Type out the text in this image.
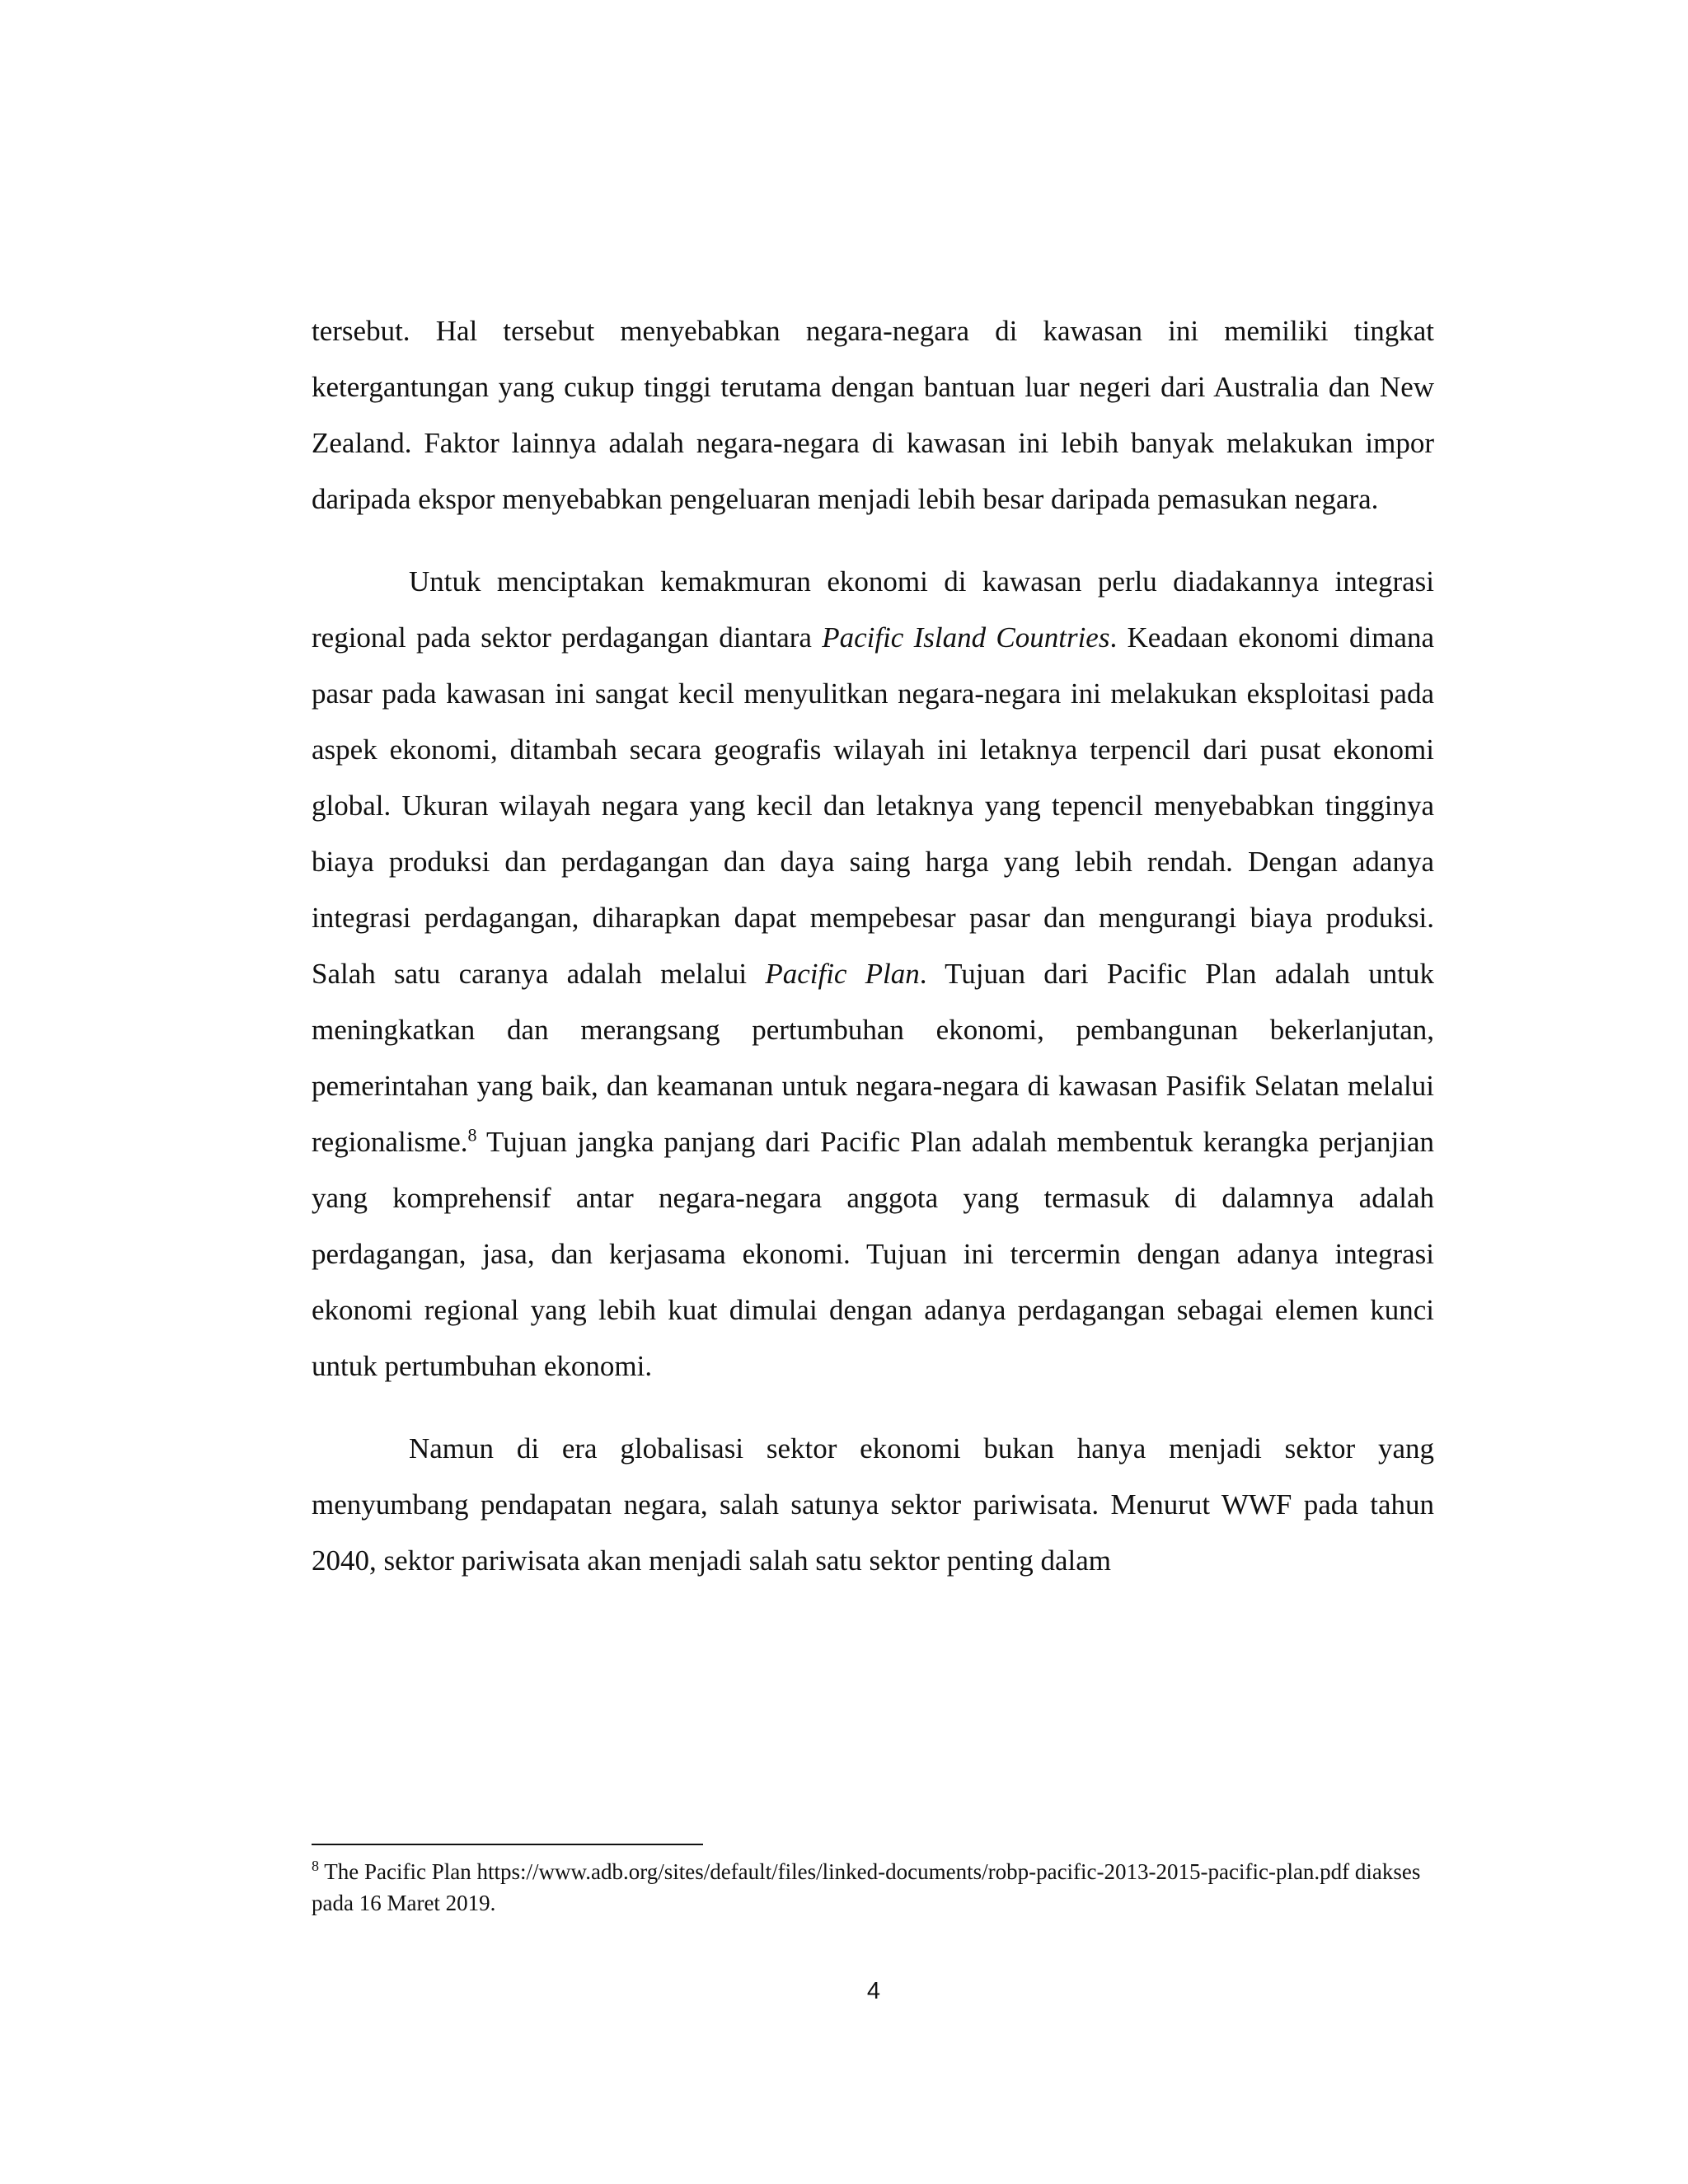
tersebut. Hal tersebut menyebabkan negara-negara di kawasan ini memiliki tingkat ketergantungan yang cukup tinggi terutama dengan bantuan luar negeri dari Australia dan New Zealand. Faktor lainnya adalah negara-negara di kawasan ini lebih banyak melakukan impor daripada ekspor menyebabkan pengeluaran menjadi lebih besar daripada pemasukan negara.

Untuk menciptakan kemakmuran ekonomi di kawasan perlu diadakannya integrasi regional pada sektor perdagangan diantara Pacific Island Countries. Keadaan ekonomi dimana pasar pada kawasan ini sangat kecil menyulitkan negara-negara ini melakukan eksploitasi pada aspek ekonomi, ditambah secara geografis wilayah ini letaknya terpencil dari pusat ekonomi global. Ukuran wilayah negara yang kecil dan letaknya yang tepencil menyebabkan tingginya biaya produksi dan perdagangan dan daya saing harga yang lebih rendah. Dengan adanya integrasi perdagangan, diharapkan dapat mempebesar pasar dan mengurangi biaya produksi. Salah satu caranya adalah melalui Pacific Plan. Tujuan dari Pacific Plan adalah untuk meningkatkan dan merangsang pertumbuhan ekonomi, pembangunan bekerlanjutan, pemerintahan yang baik, dan keamanan untuk negara-negara di kawasan Pasifik Selatan melalui regionalisme.$^8$ Tujuan jangka panjang dari Pacific Plan adalah membentuk kerangka perjanjian yang komprehensif antar negara-negara anggota yang termasuk di dalamnya adalah perdagangan, jasa, dan kerjasama ekonomi. Tujuan ini tercermin dengan adanya integrasi ekonomi regional yang lebih kuat dimulai dengan adanya perdagangan sebagai elemen kunci untuk pertumbuhan ekonomi.

Namun di era globalisasi sektor ekonomi bukan hanya menjadi sektor yang menyumbang pendapatan negara, salah satunya sektor pariwisata. Menurut WWF pada tahun 2040, sektor pariwisata akan menjadi salah satu sektor penting dalam

$^8$ The Pacific Plan https://www.adb.org/sites/default/files/linked-documents/robp-pacific-2013-2015-pacific-plan.pdf diakses pada 16 Maret 2019.
4
